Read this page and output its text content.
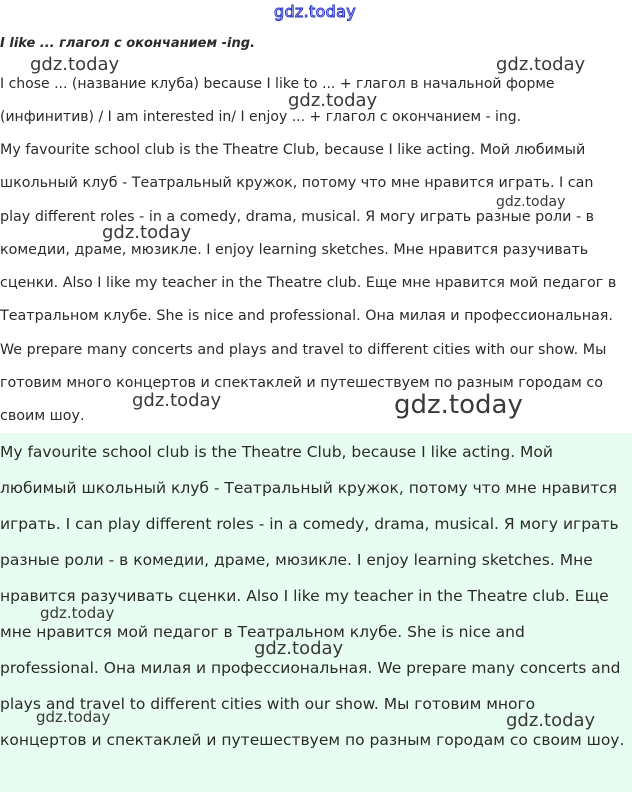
gdz.today
I like ... глагол с окончанием -ing.
I chose ... (название клуба) because I like to ... + глагол в начальной форме
(инфинитив) / I am interested in/ I enjoy ... + глагол с окончанием - ing.
My favourite school club is the Theatre Club, because I like acting. Мой любимый школьный клуб - Театральный кружок, потому что мне нравится играть. I can play different roles - in a comedy, drama, musical. Я могу играть разные роли - в комедии, драме, мюзикле. I enjoy learning sketches. Мне нравится разучивать сценки. Also I like my teacher in the Theatre club. Еще мне нравится мой педагог в Театральном клубе. She is nice and professional. Она милая и профессиональная. We prepare many concerts and plays and travel to different cities with our show. Мы готовим много концертов и спектаклей и путешествуем по разным городам со своим шоу.
My favourite school club is the Theatre Club, because I like acting. Мой любимый школьный клуб - Театральный кружок, потому что мне нравится играть. I can play different roles - in a comedy, drama, musical. Я могу играть разные роли - в комедии, драме, мюзикле. I enjoy learning sketches. Мне нравится разучивать сценки. Also I like my teacher in the Theatre club. Еще мне нравится мой педагог в Театральном клубе. She is nice and professional. Она милая и профессиональная. We prepare many concerts and plays and travel to different cities with our show. Мы готовим много концертов и спектаклей и путешествуем по разным городам со своим шоу.
gdz.today	gdz.today
gdz.today
gdz.today
gdz.today
gdz.today	gdz.today
gdz.today
gdz.today
gdz.today	gdz.today
